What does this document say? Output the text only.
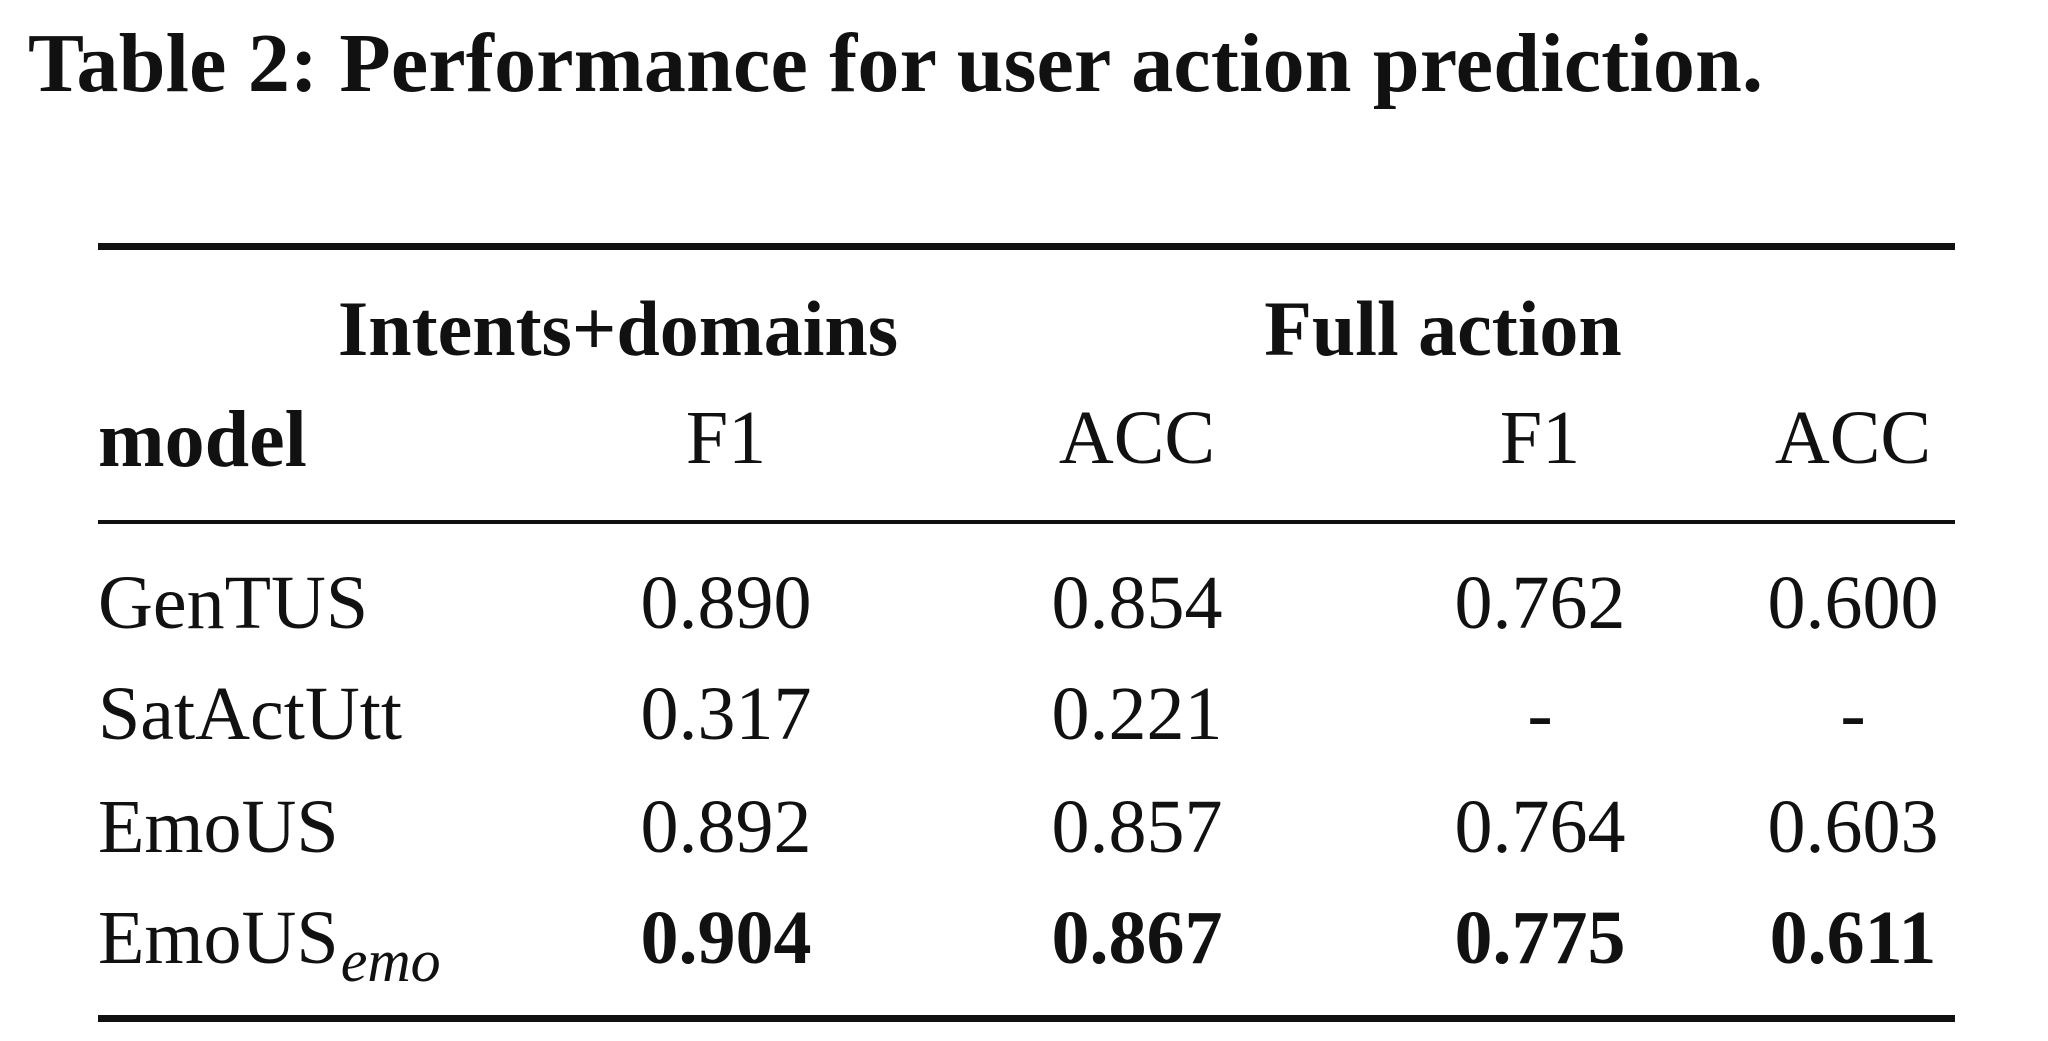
Table 2: Performance for user action prediction.
Intents+domains	Full action
model	F1	ACC	F1	ACC
GenTUS	0.890	0.854	0.762 0.600
SatActUtt	0.317	0.221	-	-
EmoUS	0.892	0.857	0.764 0.603
EmoUS$_{emo}$	0.904	0.867	0.775 0.611
